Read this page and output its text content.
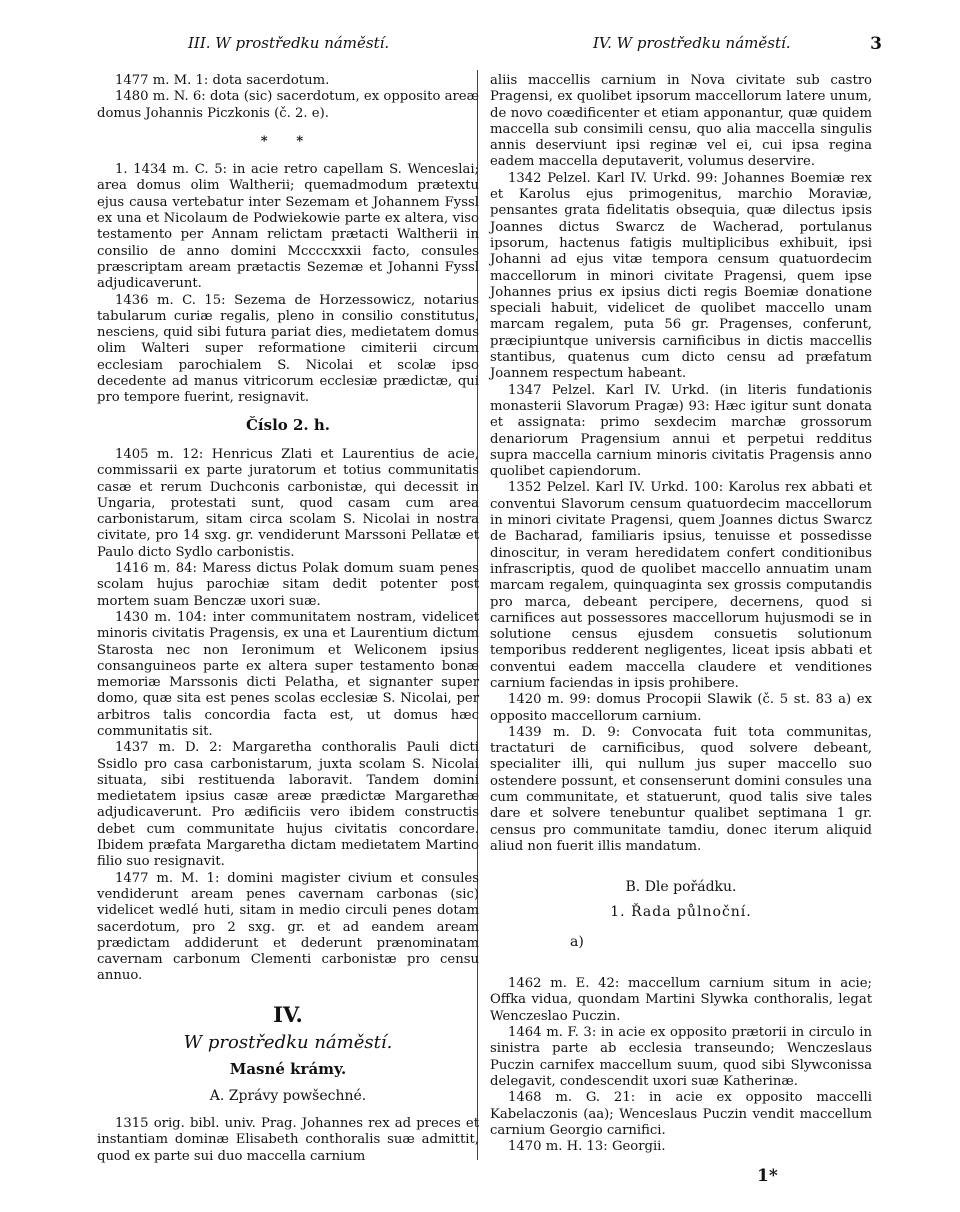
III. W prostředku náměstí.	IV. W prostředku náměstí.	3

1477 m. M. 1: dota sacerdotum.

1480 m. N. 6: dota (sic) sacerdotum, ex opposito areæ domus Johannis Piczkonis (č. 2. e).

* *

1. 1434 m. C. 5: in acie retro capellam S. Wenceslai; area domus olim Waltherii; quemadmodum prætextu ejus causa vertebatur inter Sezemam et Johannem Fyssl ex una et Nicolaum de Podwiekowie parte ex altera, viso testamento per Annam relictam prætacti Waltherii in consilio de anno domini Mccccxxxii facto, consules præscriptam aream prætactis Sezemæ et Johanni Fyssl adjudicaverunt.

1436 m. C. 15: Sezema de Horzessowicz, notarius tabularum curiæ regalis, pleno in consilio constitutus, nesciens, quid sibi futura pariat dies, medietatem domus olim Walteri super reformatione cimiterii circum ecclesiam parochialem S. Nicolai et scolæ ipso decedente ad manus vitricorum ecclesiæ prædictæ, qui pro tempore fuerint, resignavit.

Číslo 2. h.

1405 m. 12: Henricus Zlati et Laurentius de acie, commissarii ex parte juratorum et totius communitatis casæ et rerum Duchconis carbonistæ, qui decessit in Ungaria, protestati sunt, quod casam cum area carbonistarum, sitam circa scolam S. Nicolai in nostra civitate, pro 14 sxg. gr. vendiderunt Marssoni Pellatæ et Paulo dicto Sydlo carbonistis.

1416 m. 84: Maress dictus Polak domum suam penes scolam hujus parochiæ sitam dedit potenter post mortem suam Benczæ uxori suæ.

1430 m. 104: inter communitatem nostram, videlicet minoris civitatis Pragensis, ex una et Laurentium dictum Starosta nec non Ieronimum et Weliconem ipsius consanguineos parte ex altera super testamento bonæ memoriæ Marssonis dicti Pelatha, et signanter super domo, quæ sita est penes scolas ecclesiæ S. Nicolai, per arbitros talis concordia facta est, ut domus hæc communitatis sit.

1437 m. D. 2: Margaretha conthoralis Pauli dicti Ssidlo pro casa carbonistarum, juxta scolam S. Nicolai situata, sibi restituenda laboravit. Tandem domini medietatem ipsius casæ areæ prædictæ Margarethæ adjudicaverunt. Pro ædificiis vero ibidem constructis debet cum communitate hujus civitatis concordare. Ibidem præfata Margaretha dictam medietatem Martino filio suo resignavit.

1477 m. M. 1: domini magister civium et consules vendiderunt aream penes cavernam carbonas (sic) videlicet wedlé huti, sitam in medio circuli penes dotam sacerdotum, pro 2 sxg. gr. et ad eandem aream prædictam addiderunt et dederunt prænominatam cavernam carbonum Clementi carbonistæ pro censu annuo.

IV.

W prostředku náměstí.

Masné krámy.

A. Zprávy powšechné.

1315 orig. bibl. univ. Prag. Johannes rex ad preces et instantiam dominæ Elisabeth conthoralis suæ admittit, quod ex parte sui duo maccella carnium

aliis maccellis carnium in Nova civitate sub castro Pragensi, ex quolibet ipsorum maccellorum latere unum, de novo coædificenter et etiam apponantur, quæ quidem maccella sub consimili censu, quo alia maccella singulis annis deserviunt ipsi reginæ vel ei, cui ipsa regina eadem maccella deputaverit, volumus deservire.

1342 Pelzel. Karl IV. Urkd. 99: Johannes Boemiæ rex et Karolus ejus primogenitus, marchio Moraviæ, pensantes grata fidelitatis obsequia, quæ dilectus ipsis Joannes dictus Swarcz de Wacherad, portulanus ipsorum, hactenus fatigis multiplicibus exhibuit, ipsi Johanni ad ejus vitæ tempora censum quatuordecim maccellorum in minori civitate Pragensi, quem ipse Johannes prius ex ipsius dicti regis Boemiæ donatione speciali habuit, videlicet de quolibet maccello unam marcam regalem, puta 56 gr. Pragenses, conferunt, præcipiuntque universis carnificibus in dictis maccellis stantibus, quatenus cum dicto censu ad præfatum Joannem respectum habeant.

1347 Pelzel. Karl IV. Urkd. (in literis fundationis monasterii Slavorum Pragæ) 93: Hæc igitur sunt donata et assignata: primo sexdecim marchæ grossorum denariorum Pragensium annui et perpetui redditus supra maccella carnium minoris civitatis Pragensis anno quolibet capiendorum.

1352 Pelzel. Karl IV. Urkd. 100: Karolus rex abbati et conventui Slavorum censum quatuordecim maccellorum in minori civitate Pragensi, quem Joannes dictus Swarcz de Bacharad, familiaris ipsius, tenuisse et possedisse dinoscitur, in veram heredidatem confert conditionibus infrascriptis, quod de quolibet maccello annuatim unam marcam regalem, quinquaginta sex grossis computandis pro marca, debeant percipere, decernens, quod si carnifices aut possessores maccellorum hujusmodi se in solutione census ejusdem consuetis solutionum temporibus redderent negligentes, liceat ipsis abbati et conventui eadem maccella claudere et venditiones carnium faciendas in ipsis prohibere.

1420 m. 99: domus Procopii Slawik (č. 5 st. 83 a) ex opposito maccellorum carnium.

1439 m. D. 9: Convocata fuit tota communitas, tractaturi de carnificibus, quod solvere debeant, specialiter illi, qui nullum jus super maccello suo ostendere possunt, et consenserunt domini consules una cum communitate, et statuerunt, quod talis sive tales dare et solvere tenebuntur qualibet septimana 1 gr. census pro communitate tamdiu, donec iterum aliquid aliud non fuerit illis mandatum.

B. Dle pořádku.

1. Řada půlnoční.

a)

1462 m. E. 42: maccellum carnium situm in acie; Offka vidua, quondam Martini Slywka conthoralis, legat Wenczeslao Puczin.

1464 m. F. 3: in acie ex opposito prætorii in circulo in sinistra parte ab ecclesia transeundo; Wenczeslaus Puczin carnifex maccellum suum, quod sibi Slywconissa delegavit, condescendit uxori suæ Katherinæ.

1468 m. G. 21: in acie ex opposito maccelli Kabelaczonis (aa); Wenceslaus Puczin vendit maccellum carnium Georgio carnifici.

1470 m. H. 13: Georgii.

1*
